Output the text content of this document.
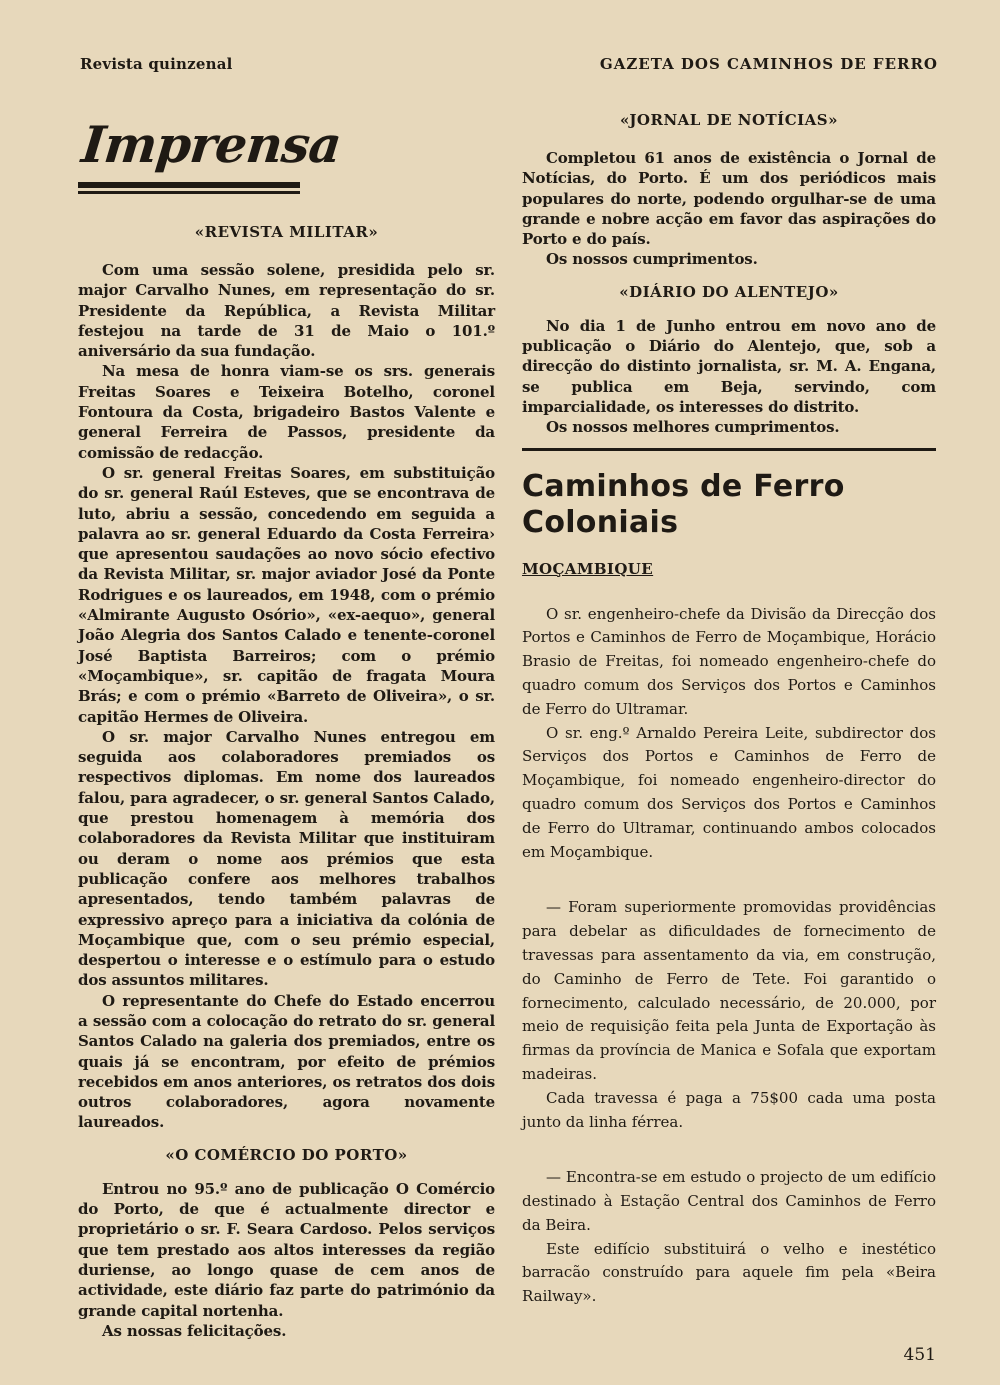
Revista quinzenal	GAZETA DOS CAMINHOS DE FERRO
Imprensa
«REVISTA MILITAR»

Com uma sessão solene, presidida pelo sr. major Carvalho Nunes, em representação do sr. Presidente da República, a Revista Militar festejou na tarde de 31 de Maio o 101.º aniversário da sua fundação.

Na mesa de honra viam-se os srs. generais Freitas Soares e Teixeira Botelho, coronel Fontoura da Costa, brigadeiro Bastos Valente e general Ferreira de Passos, presidente da comissão de redacção.

O sr. general Freitas Soares, em substituição do sr. general Raúl Esteves, que se encontrava de luto, abriu a sessão, concedendo em seguida a palavra ao sr. general Eduardo da Costa Ferreira› que apresentou saudações ao novo sócio efectivo da Revista Militar, sr. major aviador José da Ponte Rodrigues e os laureados, em 1948, com o prémio «Almirante Augusto Osório», «ex-aequo», general João Alegria dos Santos Calado e tenente-coronel José Baptista Barreiros; com o prémio «Moçambique», sr. capitão de fragata Moura Brás; e com o prémio «Barreto de Oliveira», o sr. capitão Hermes de Oliveira.

O sr. major Carvalho Nunes entregou em seguida aos colaboradores premiados os respectivos diplomas. Em nome dos laureados falou, para agradecer, o sr. general Santos Calado, que prestou homenagem à memória dos colaboradores da Revista Militar que instituiram ou deram o nome aos prémios que esta publicação confere aos melhores trabalhos apresentados, tendo também palavras de expressivo apreço para a iniciativa da colónia de Moçambique que, com o seu prémio especial, despertou o interesse e o estímulo para o estudo dos assuntos militares.

O representante do Chefe do Estado encerrou a sessão com a colocação do retrato do sr. general Santos Calado na galeria dos premiados, entre os quais já se encontram, por efeito de prémios recebidos em anos anteriores, os retratos dos dois outros colaboradores, agora novamente laureados.

«O COMÉRCIO DO PORTO»

Entrou no 95.º ano de publicação O Comércio do Porto, de que é actualmente director e proprietário o sr. F. Seara Cardoso. Pelos serviços que tem prestado aos altos interesses da região duriense, ao longo quase de cem anos de actividade, este diário faz parte do património da grande capital nortenha.

As nossas felicitações.

«JORNAL DE NOTÍCIAS»

Completou 61 anos de existência o Jornal de Notícias, do Porto. É um dos periódicos mais populares do norte, podendo orgulhar-se de uma grande e nobre acção em favor das aspirações do Porto e do país.

Os nossos cumprimentos.

«DIÁRIO DO ALENTEJO»

No dia 1 de Junho entrou em novo ano de publicação o Diário do Alentejo, que, sob a direcção do distinto jornalista, sr. M. A. Engana, se publica em Beja, servindo, com imparcialidade, os interesses do distrito.

Os nossos melhores cumprimentos.

Caminhos de Ferro Coloniais
MOÇAMBIQUE

O sr. engenheiro-chefe da Divisão da Direcção dos Portos e Caminhos de Ferro de Moçambique, Horácio Brasio de Freitas, foi nomeado engenheiro-chefe do quadro comum dos Serviços dos Portos e Caminhos de Ferro do Ultramar.

O sr. eng.º Arnaldo Pereira Leite, subdirector dos Serviços dos Portos e Caminhos de Ferro de Moçambique, foi nomeado engenheiro-director do quadro comum dos Serviços dos Portos e Caminhos de Ferro do Ultramar, continuando ambos colocados em Moçambique.

— Foram superiormente promovidas providências para debelar as dificuldades de fornecimento de travessas para assentamento da via, em construção, do Caminho de Ferro de Tete. Foi garantido o fornecimento, calculado necessário, de 20.000, por meio de requisição feita pela Junta de Exportação às firmas da província de Manica e Sofala que exportam madeiras.

Cada travessa é paga a 75$00 cada uma posta junto da linha férrea.

— Encontra-se em estudo o projecto de um edifício destinado à Estação Central dos Caminhos de Ferro da Beira.

Este edifício substituirá o velho e inestético barracão construído para aquele fim pela «Beira Railway».

451
